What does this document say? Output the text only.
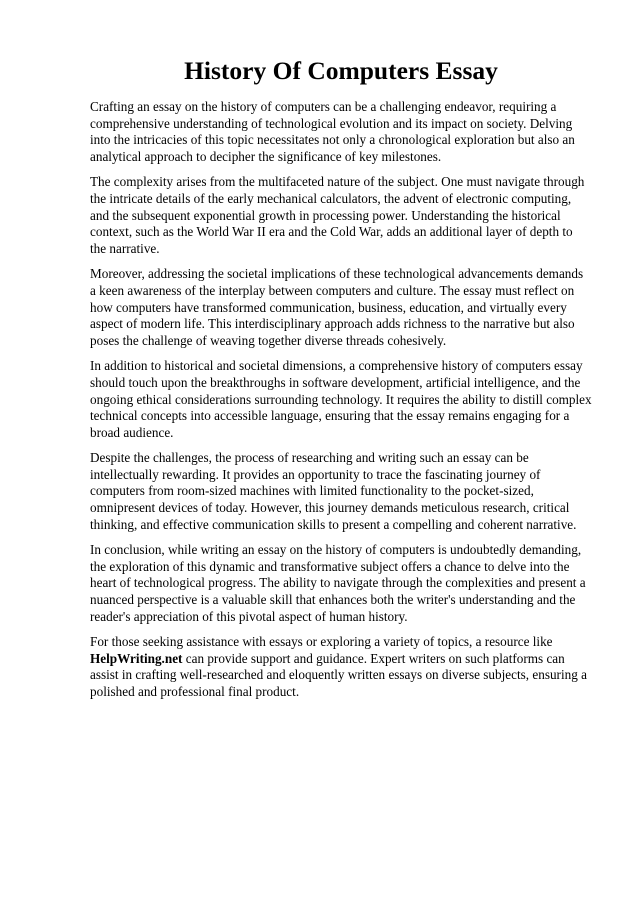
History Of Computers Essay

Crafting an essay on the history of computers can be a challenging endeavor, requiring a comprehensive understanding of technological evolution and its impact on society. Delving into the intricacies of this topic necessitates not only a chronological exploration but also an analytical approach to decipher the significance of key milestones.

The complexity arises from the multifaceted nature of the subject. One must navigate through the intricate details of the early mechanical calculators, the advent of electronic computing, and the subsequent exponential growth in processing power. Understanding the historical context, such as the World War II era and the Cold War, adds an additional layer of depth to the narrative.

Moreover, addressing the societal implications of these technological advancements demands a keen awareness of the interplay between computers and culture. The essay must reflect on how computers have transformed communication, business, education, and virtually every aspect of modern life. This interdisciplinary approach adds richness to the narrative but also poses the challenge of weaving together diverse threads cohesively.

In addition to historical and societal dimensions, a comprehensive history of computers essay should touch upon the breakthroughs in software development, artificial intelligence, and the ongoing ethical considerations surrounding technology. It requires the ability to distill complex technical concepts into accessible language, ensuring that the essay remains engaging for a broad audience.

Despite the challenges, the process of researching and writing such an essay can be intellectually rewarding. It provides an opportunity to trace the fascinating journey of computers from room-sized machines with limited functionality to the pocket-sized, omnipresent devices of today. However, this journey demands meticulous research, critical thinking, and effective communication skills to present a compelling and coherent narrative.

In conclusion, while writing an essay on the history of computers is undoubtedly demanding, the exploration of this dynamic and transformative subject offers a chance to delve into the heart of technological progress. The ability to navigate through the complexities and present a nuanced perspective is a valuable skill that enhances both the writer's understanding and the reader's appreciation of this pivotal aspect of human history.

For those seeking assistance with essays or exploring a variety of topics, a resource like HelpWriting.net can provide support and guidance. Expert writers on such platforms can assist in crafting well-researched and eloquently written essays on diverse subjects, ensuring a polished and professional final product.
